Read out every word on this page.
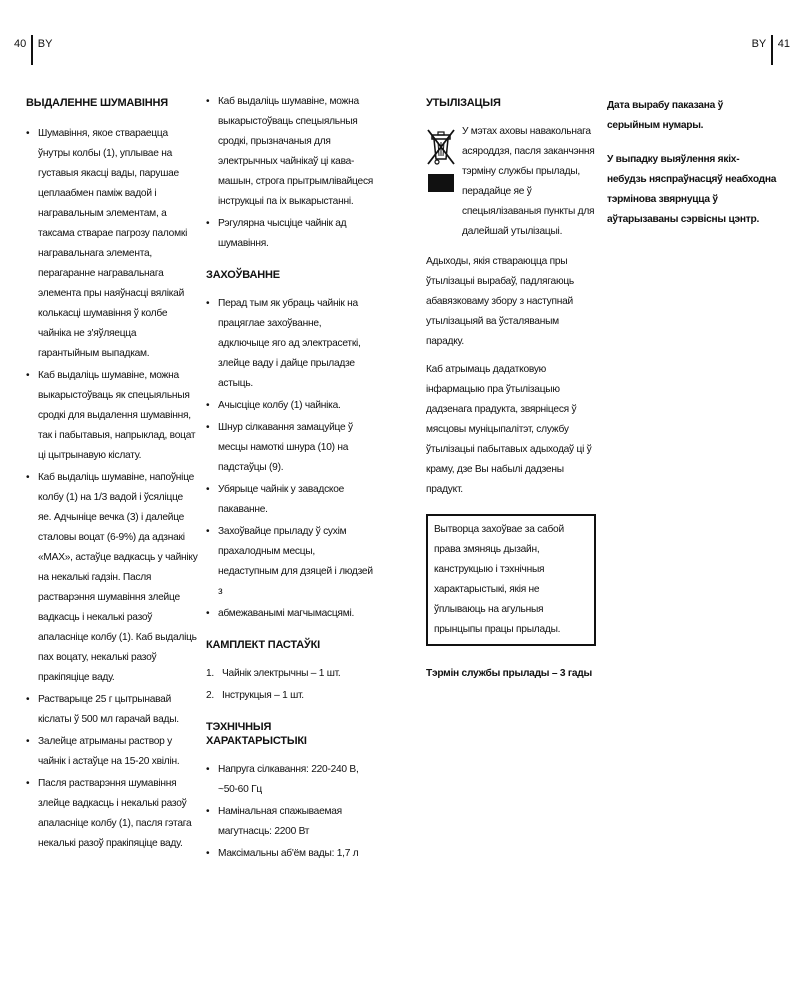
40 BY	BY 41
ВЫДАЛЕННЕ ШУМАВІННЯ
• Шумавіння, якое ствараецца ўнутры колбы (1), уплывае на густавыя якасці вады, парушае цеплаабмен паміж вадой і награвальным элементам, а таксама стварае пагрозу паломкі награвальнага элемента, перагаранне награвальнага элемента пры наяўнасці вялікай колькасці шумавіння ў колбе чайніка не з'яўляецца гарантыйным выпадкам.
• Каб выдаліць шумавіне, можна выкарыстоўваць як спецыяльныя сродкі для выдалення шумавіння, так і пабытавыя, напрыклад, воцат ці цытрынавую кіслату.
• Каб выдаліць шумавіне, напоўніце колбу (1) на 1/3 вадой і ўсяліцце яе. Адчыніце вечка (3) і далейце сталовы воцат (6-9%) да адзнакі «МАХ», астаўце вадкасць у чайніку на некалькі гадзін. Пасля растварэння шумавіння злейце вадкасць і некалькі разоў апаласніце колбу (1). Каб выдаліць пах воцату, некалькі разоў пракіпяціце ваду.
• Растварыце 25 г цытрынавай кіслаты ў 500 мл гарачай вады.
• Залейце атрыманы раствор у чайнік і астаўце на 15-20 хвілін.
• Пасля растварэння шумавіння злейце вадкасць і некалькі разоў апаласніце колбу (1), пасля гэтага некалькі разоў пракіпяціце ваду.
• Каб выдаліць шумавіне, можна выкарыстоўваць спецыяльныя сродкі, прызначаныя для электрычных чайнікаў ці кава-машын, строга прытрымлівайцеся інструкцыі па іх выкарыстанні.
• Рэгулярна чысціце чайнік ад шумавіння.
ЗАХОЎВАННЕ
• Перад тым як убраць чайнік на працяглае захоўванне, адключыце яго ад электрасеткі, злейце ваду і дайце прыладзе астыць.
• Ачысціце колбу (1) чайніка.
• Шнур сілкавання замацуйце ў месцы намоткі шнура (10) на падстаўцы (9).
• Убярыце чайнік у завадское пакаванне.
• Захоўвайце прыладу ў сухім прахалодным месцы, недаступным для дзяцей і людзей з
• абмежаванымі магчымасцямі.
КАМПЛЕКТ ПАСТАЎКІ
1. Чайнік электрычны – 1 шт.
2. Інструкцыя – 1 шт.
ТЭХНІЧНЫЯ ХАРАКТАРЫСТЫКІ
• Напруга сілкавання: 220-240 В, ~50-60 Гц
• Намінальная спажываемая магутнасць: 2200 Вт
• Максімальны аб'ём вады: 1,7 л
УТЫЛІЗАЦЫЯ
У мэтах аховы навакольнага асяроддзя, пасля заканчэння тэрміну службы прылады, перадайце яе ў спецыялізаваныя пункты для далейшай утылізацыі.

Адыходы, якія ствараюцца пры ўтылізацыі вырабаў, падлягаюць абавязковаму збору з наступнай утылізацыяй ва ўсталяваным парадку.

Каб атрымаць дадатковую інфармацыю пра ўтылізацыю дадзенага прадукта, звярніцеся ў мясцовы муніцыпалітэт, службу ўтылізацыі пабытавых адыходаў ці ў краму, дзе Вы набылі дадзены прадукт.

Вытворца захоўвае за сабой права змяняць дызайн, канструкцыю і тэхнічныя характарыстыкі, якія не ўплываюць на агульныя прынцыпы працы прылады.
Тэрмін службы прылады – 3 гады

Дата вырабу паказана ў серыйным нумары.

У выпадку выяўлення якіх-небудзь няспраўнасцяў неабходна тэрмінова звярнуцца ў аўтарызаваны сэрвісны цэнтр.
